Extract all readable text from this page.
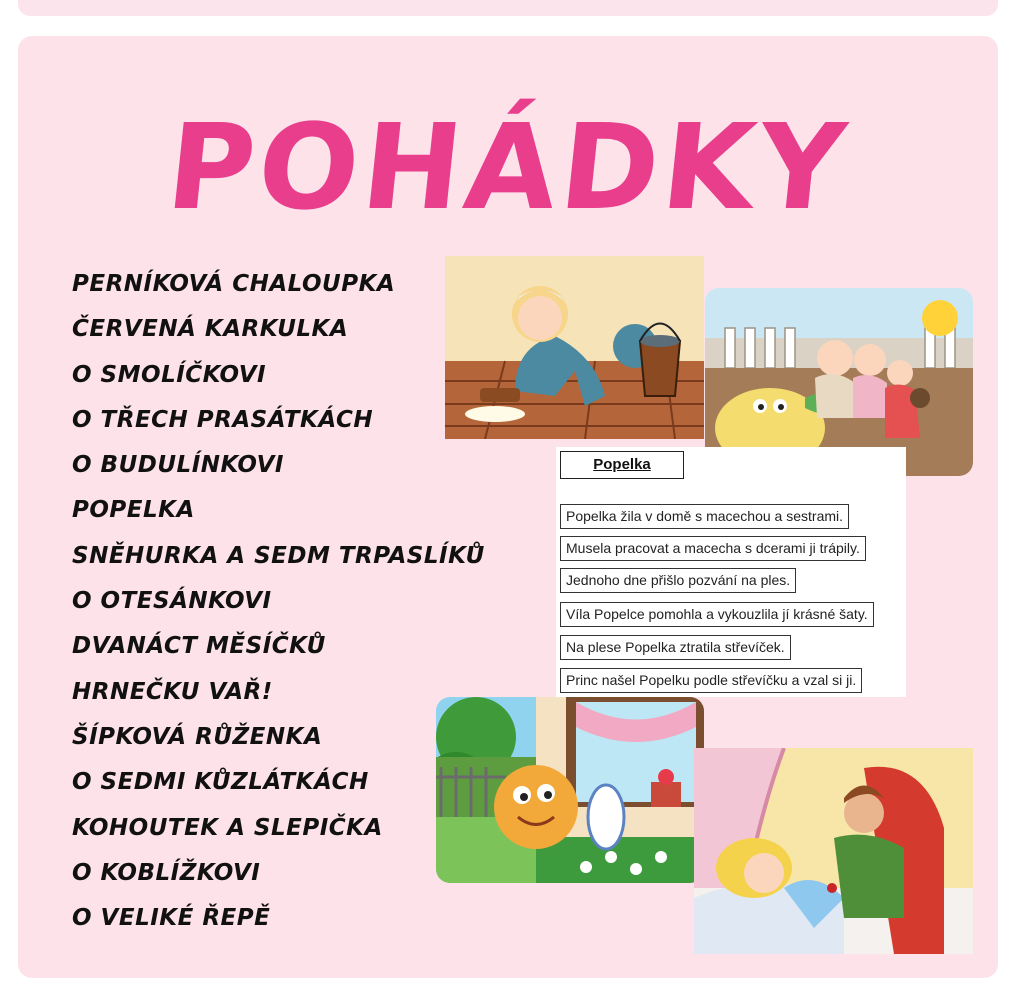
POHÁDKY
PERNÍKOVÁ CHALOUPKA
ČERVENÁ KARKULKA
O SMOLÍČKOVI
O TŘECH PRASÁTKÁCH
O BUDULÍNKOVI
POPELKA
SNĚHURKA A SEDM TRPASLÍKŮ
O OTESÁNKOVI
DVANÁCT MĚSÍČKŮ
HRNEČKU VAŘ!
ŠÍPKOVÁ RŮŽENKA
O SEDMI KŮZLÁTKÁCH
KOHOUTEK A SLEPIČKA
O KOBLÍŽKOVI
O VELIKÉ ŘEPĚ
Popelka
Popelka žila v domě s macechou a sestrami.
Musela pracovat a macecha s dcerami ji trápily.
Jednoho dne přišlo pozvání na ples.
Víla Popelce pomohla a vykouzlila jí krásné šaty.
Na plese Popelka ztratila střevíček.
Princ našel Popelku podle střevíčku a vzal si ji.
